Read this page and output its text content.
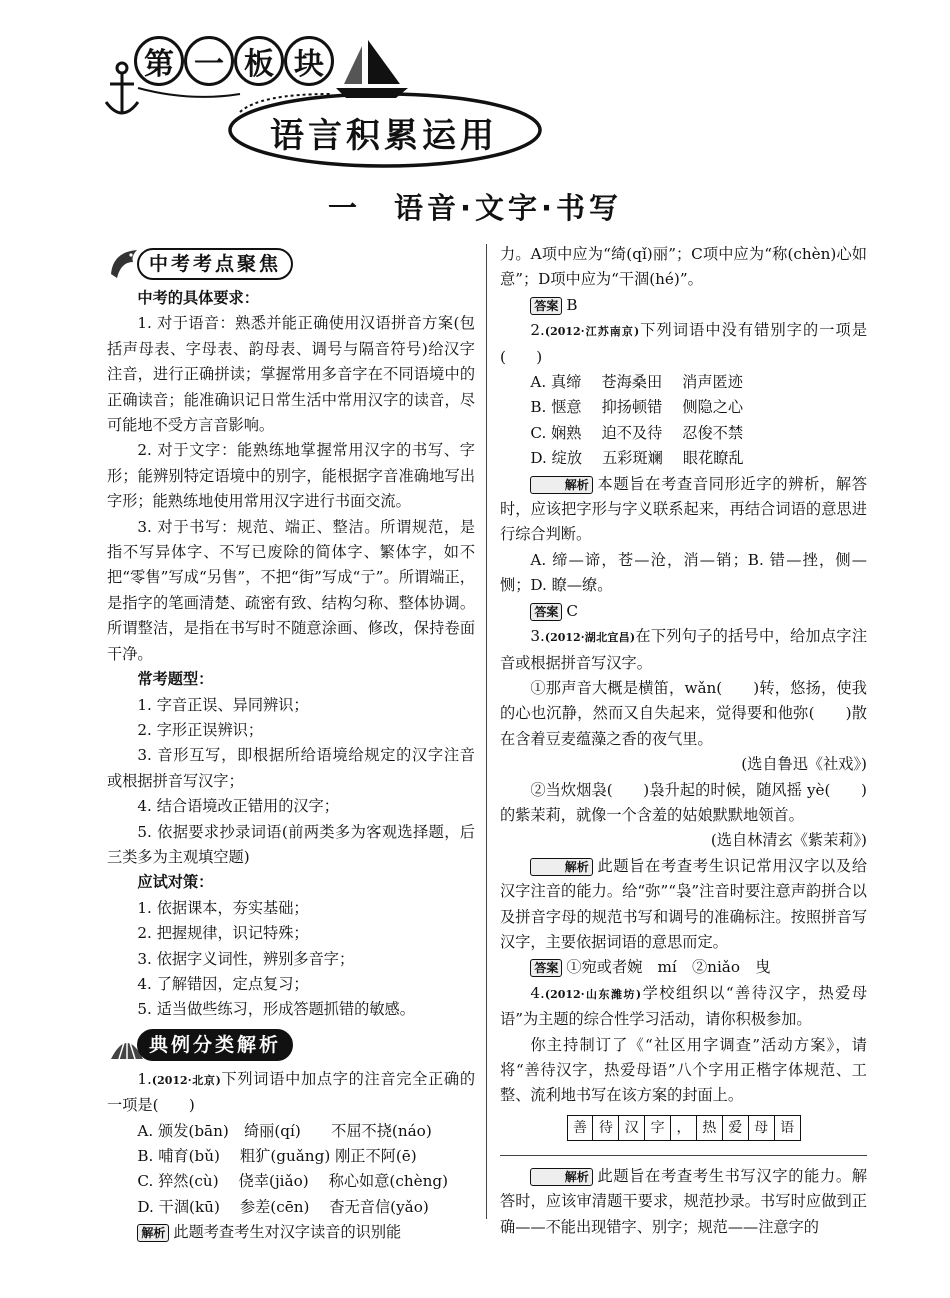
第 一 板 块
语言积累运用
一　语音·文字·书写
中考考点聚焦

中考的具体要求：

1. 对于语音：熟悉并能正确使用汉语拼音方案(包括声母表、字母表、韵母表、调号与隔音符号)给汉字注音，进行正确拼读；掌握常用多音字在不同语境中的正确读音；能准确识记日常生活中常用汉字的读音，尽可能地不受方言音影响。

2. 对于文字：能熟练地掌握常用汉字的书写、字形；能辨别特定语境中的别字，能根据字音准确地写出字形；能熟练地使用常用汉字进行书面交流。

3. 对于书写：规范、端正、整洁。所谓规范，是指不写异体字、不写已废除的简体字、繁体字，如不把“零售”写成“另售”，不把“街”写成“亍”。所谓端正，是指字的笔画清楚、疏密有致、结构匀称、整体协调。所谓整洁，是指在书写时不随意涂画、修改，保持卷面干净。

常考题型：

1. 字音正误、异同辨识；

2. 字形正误辨识；

3. 音形互写，即根据所给语境给规定的汉字注音或根据拼音写汉字；

4. 结合语境改正错用的汉字；

5. 依据要求抄录词语(前两类多为客观选择题，后三类多为主观填空题)

应试对策：

1. 依据课本，夯实基础；

2. 把握规律，识记特殊；

3. 依据字义词性，辨别多音字；

4. 了解错因，定点复习；

5. 适当做些练习，形成答题抓错的敏感。

典例分类解析

1.(2012·北京)下列词语中加点字的注音完全正确的一项是(　　)

A. 颁发(bān)　绮丽(qí)　　不屈不挠(náo)

B. 哺育(bǔ)　 粗犷(guǎng) 刚正不阿(ē)

C. 猝然(cù)　 侥幸(jiǎo)　 称心如意(chèng)

D. 干涸(kū)　 参差(cēn)　 杳无音信(yǎo)

解析 此题考查考生对汉字读音的识别能

力。A项中应为“绮(qǐ)丽”；C项中应为“称(chèn)心如意”；D项中应为“干涸(hé)”。

答案 B

2.(2012·江苏南京)下列词语中没有错别字的一项是(　　)

A. 真缔　 苍海桑田　 消声匿迹

B. 惬意　 抑扬顿错　 侧隐之心

C. 娴熟　 迫不及待　 忍俊不禁

D. 绽放　 五彩斑斓　 眼花瞭乱

解析 本题旨在考查音同形近字的辨析，解答时，应该把字形与字义联系起来，再结合词语的意思进行综合判断。

A. 缔—谛，苍—沧，消—销；B. 错—挫，侧—恻；D. 瞭—缭。

答案 C

3.(2012·湖北宜昌)在下列句子的括号中，给加点字注音或根据拼音写汉字。

①那声音大概是横笛，wǎn(　　)转，悠扬，使我的心也沉静，然而又自失起来，觉得要和他弥(　　)散在含着豆麦蕴藻之香的夜气里。

(选自鲁迅《社戏》)

②当炊烟袅(　　)袅升起的时候，随风摇 yè(　　)的紫茉莉，就像一个含羞的姑娘默默地领首。

(选自林清玄《紫茉莉》)

解析 此题旨在考查考生识记常用汉字以及给汉字注音的能力。给“弥”“袅”注音时要注意声韵拼合以及拼音字母的规范书写和调号的准确标注。按照拼音写汉字，主要依据词语的意思而定。

答案 ①宛或者婉　mí　②niǎo　曳

4.(2012·山东潍坊)学校组织以“善待汉字，热爱母语”为主题的综合性学习活动，请你积极参加。

你主持制订了《“社区用字调查”活动方案》，请将“善待汉字，热爱母语”八个字用正楷字体规范、工整、流利地书写在该方案的封面上。

善 待 汉 字 ， 热 爱 母 语

解析 此题旨在考查考生书写汉字的能力。解答时，应该审清题干要求，规范抄录。书写时应做到正确——不能出现错字、别字；规范——注意字的
